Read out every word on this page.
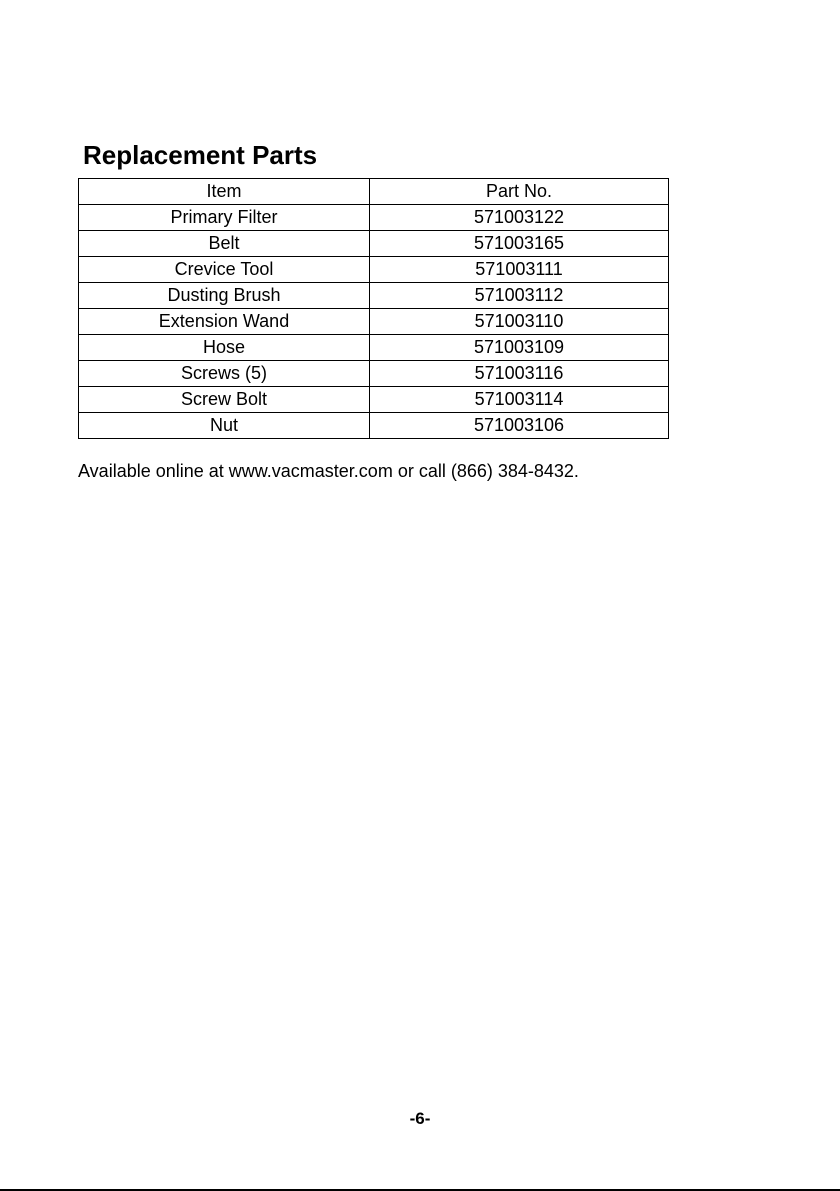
Replacement Parts
Item	Part No.
Primary Filter	571003122
Belt	571003165
Crevice Tool	571003111
Dusting Brush	571003112
Extension Wand	571003110
Hose	571003109
Screws (5)	571003116
Screw Bolt	571003114
Nut	571003106
Available online at www.vacmaster.com or call (866) 384-8432.
-6-
